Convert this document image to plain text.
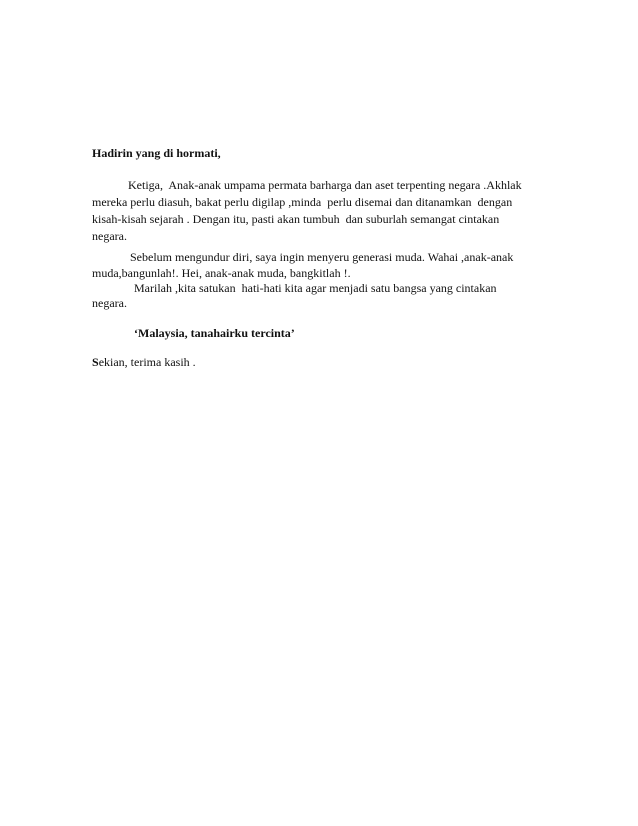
Hadirin yang di hormati,
Ketiga,  Anak-anak umpama permata barharga dan aset terpenting negara .Akhlak
mereka perlu diasuh, bakat perlu digilap ,minda  perlu disemai dan ditanamkan  dengan
kisah-kisah sejarah . Dengan itu, pasti akan tumbuh  dan suburlah semangat cintakan
negara.
Sebelum mengundur diri, saya ingin menyeru generasi muda. Wahai ,anak-anak
muda,bangunlah!. Hei, anak-anak muda, bangkitlah !.
Marilah ,kita satukan  hati-hati kita agar menjadi satu bangsa yang cintakan
negara.
‘Malaysia, tanahairku tercinta’
Sekian, terima kasih .
